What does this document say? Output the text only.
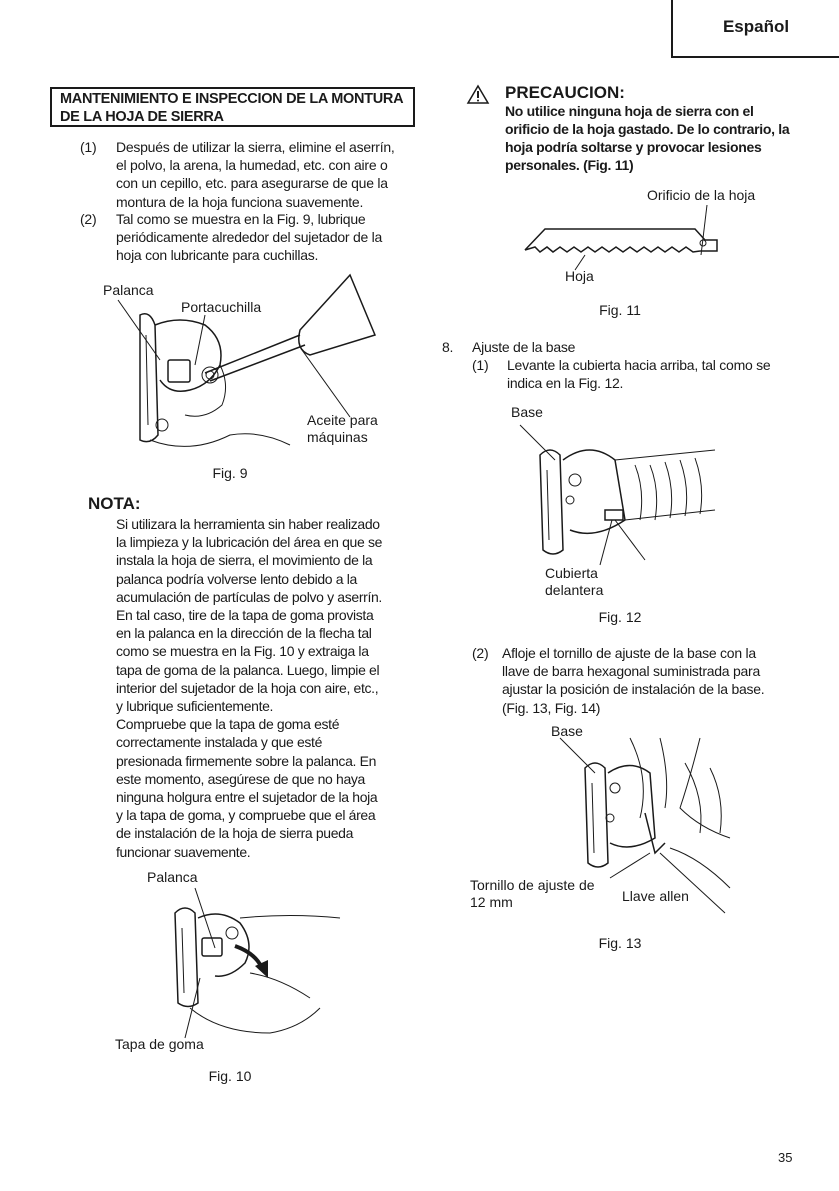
Español
MANTENIMIENTO E INSPECCION DE LA MONTURA
DE LA HOJA DE SIERRA
(1)	Después de utilizar la sierra, elimine el aserrín,
el polvo, la arena, la humedad, etc. con aire o
con un cepillo, etc. para asegurarse de que la
montura de la hoja funciona suavemente.
(2)	Tal como se muestra en la Fig. 9, lubrique
periódicamente alrededor del sujetador de la
hoja con lubricante para cuchillas.
Palanca
Portacuchilla
Aceite para
máquinas
Fig. 9
NOTA:
Si utilizara la herramienta sin haber realizado
la limpieza y la lubricación del área en que se
instala la hoja de sierra, el movimiento de la
palanca podría volverse lento debido a la
acumulación de partículas de polvo y aserrín.
En tal caso, tire de la tapa de goma provista
en la palanca en la dirección de la flecha tal
como se muestra en la Fig. 10 y extraiga la
tapa de goma de la palanca. Luego, limpie el
interior del sujetador de la hoja con aire, etc.,
y lubrique suficientemente.
Compruebe que la tapa de goma esté
correctamente instalada y que esté
presionada firmemente sobre la palanca. En
este momento, asegúrese de que no haya
ninguna holgura entre el sujetador de la hoja
y la tapa de goma, y compruebe que el área
de instalación de la hoja de sierra pueda
funcionar suavemente.
Palanca
Tapa de goma
Fig. 10
PRECAUCION:
No utilice ninguna hoja de sierra con el
orificio de la hoja gastado. De lo contrario, la
hoja podría soltarse y provocar lesiones
personales. (Fig. 11)
Orificio de la hoja
Hoja
Fig. 11
8. Ajuste de la base
(1)	Levante la cubierta hacia arriba, tal como se
indica en la Fig. 12.
Base
Cubierta
delantera
Fig. 12
(2) Afloje el tornillo de ajuste de la base con la
llave de barra hexagonal suministrada para
ajustar la posición de instalación de la base.
(Fig. 13, Fig. 14)
Base
Tornillo de ajuste de
12 mm	Llave allen
Fig. 13
35
